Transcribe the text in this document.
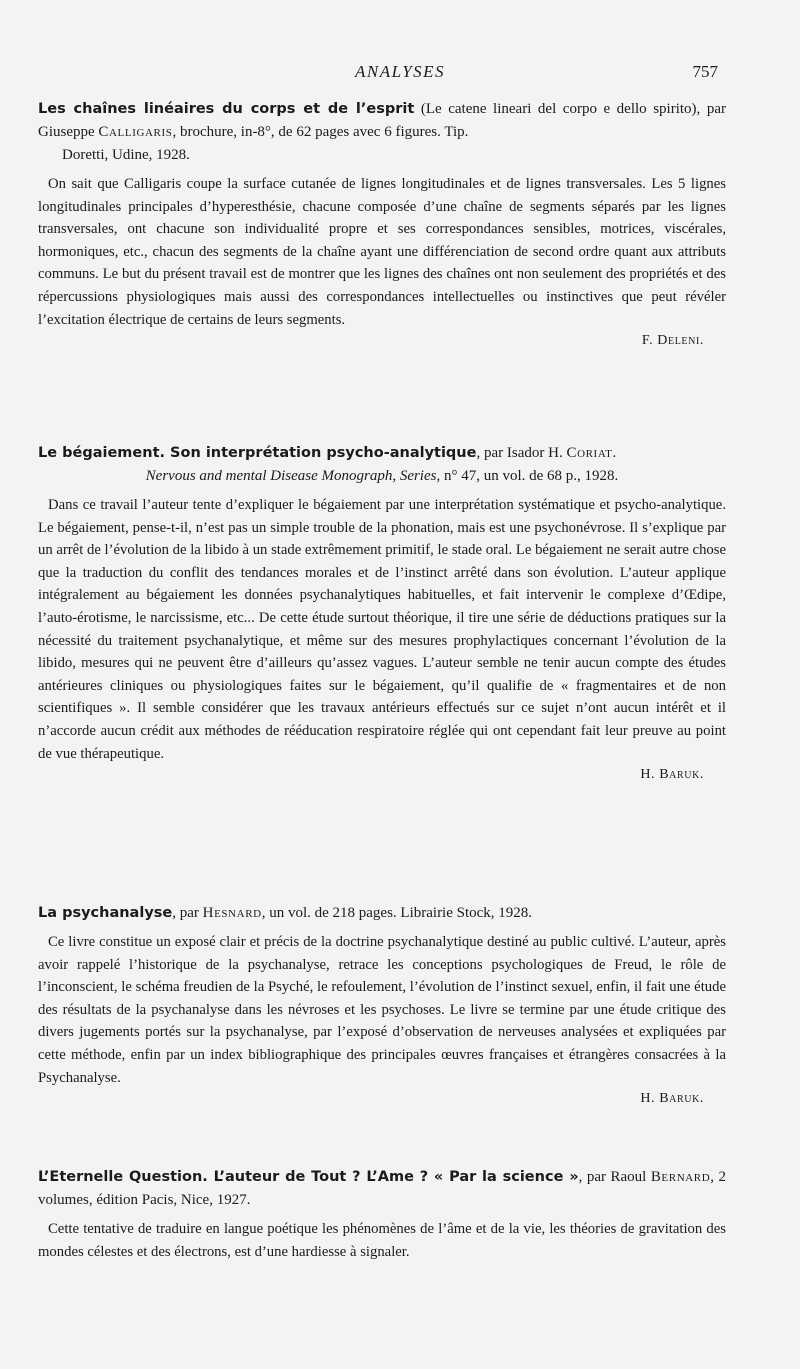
ANALYSES	757
Les chaînes linéaires du corps et de l’esprit (Le catene lineari del corpo e dello spirito), par Giuseppe Calligaris, brochure, in-8°, de 62 pages avec 6 figures. Tip.
Doretti, Udine, 1928.

On sait que Calligaris coupe la surface cutanée de lignes longitudinales et de lignes transversales. Les 5 lignes longitudinales principales d’hyperesthésie, chacune composée d’une chaîne de segments séparés par les lignes transversales, ont chacune son individualité propre et ses correspondances sensibles, motrices, viscérales, hormoniques, etc., chacun des segments de la chaîne ayant une différenciation de second ordre quant aux attributs communs. Le but du présent travail est de montrer que les lignes des chaînes ont non seulement des propriétés et des répercussions physiologiques mais aussi des correspondances intellectuelles ou instinctives que peut révéler l’excitation électrique de certains de leurs segments.

F. Deleni.
Le bégaiement. Son interprétation psycho-analytique, par Isador H. Coriat.
Nervous and mental Disease Monograph, Series, n° 47, un vol. de 68 p., 1928.

Dans ce travail l’auteur tente d’expliquer le bégaiement par une interprétation systématique et psycho-analytique. Le bégaiement, pense-t-il, n’est pas un simple trouble de la phonation, mais est une psychonévrose. Il s’explique par un arrêt de l’évolution de la libido à un stade extrêmement primitif, le stade oral. Le bégaiement ne serait autre chose que la traduction du conflit des tendances morales et de l’instinct arrêté dans son évolution. L’auteur applique intégralement au bégaiement les données psychanalytiques habituelles, et fait intervenir le complexe d’Œdipe, l’auto-érotisme, le narcissisme, etc... De cette étude surtout théorique, il tire une série de déductions pratiques sur la nécessité du traitement psychanalytique, et même sur des mesures prophylactiques concernant l’évolution de la libido, mesures qui ne peuvent être d’ailleurs qu’assez vagues. L’auteur semble ne tenir aucun compte des études antérieures cliniques ou physiologiques faites sur le bégaiement, qu’il qualifie de « fragmentaires et de non scientifiques ». Il semble considérer que les travaux antérieurs effectués sur ce sujet n’ont aucun intérêt et il n’accorde aucun crédit aux méthodes de rééducation respiratoire réglée qui ont cependant fait leur preuve au point de vue thérapeutique.

H. Baruk.
La psychanalyse, par Hesnard, un vol. de 218 pages. Librairie Stock, 1928.

Ce livre constitue un exposé clair et précis de la doctrine psychanalytique destiné au public cultivé. L’auteur, après avoir rappelé l’historique de la psychanalyse, retrace les conceptions psychologiques de Freud, le rôle de l’inconscient, le schéma freudien de la Psyché, le refoulement, l’évolution de l’instinct sexuel, enfin, il fait une étude des résultats de la psychanalyse dans les névroses et les psychoses. Le livre se termine par une étude critique des divers jugements portés sur la psychanalyse, par l’exposé d’observation de nerveuses analysées et expliquées par cette méthode, enfin par un index bibliographique des principales œuvres françaises et étrangères consacrées à la Psychanalyse.

H. Baruk.
L’Eternelle Question. L’auteur de Tout ? L’Ame ? « Par la science », par Raoul Bernard, 2 volumes, édition Pacis, Nice, 1927.

Cette tentative de traduire en langue poétique les phénomènes de l’âme et de la vie, les théories de gravitation des mondes célestes et des électrons, est d’une hardiesse à signaler.
